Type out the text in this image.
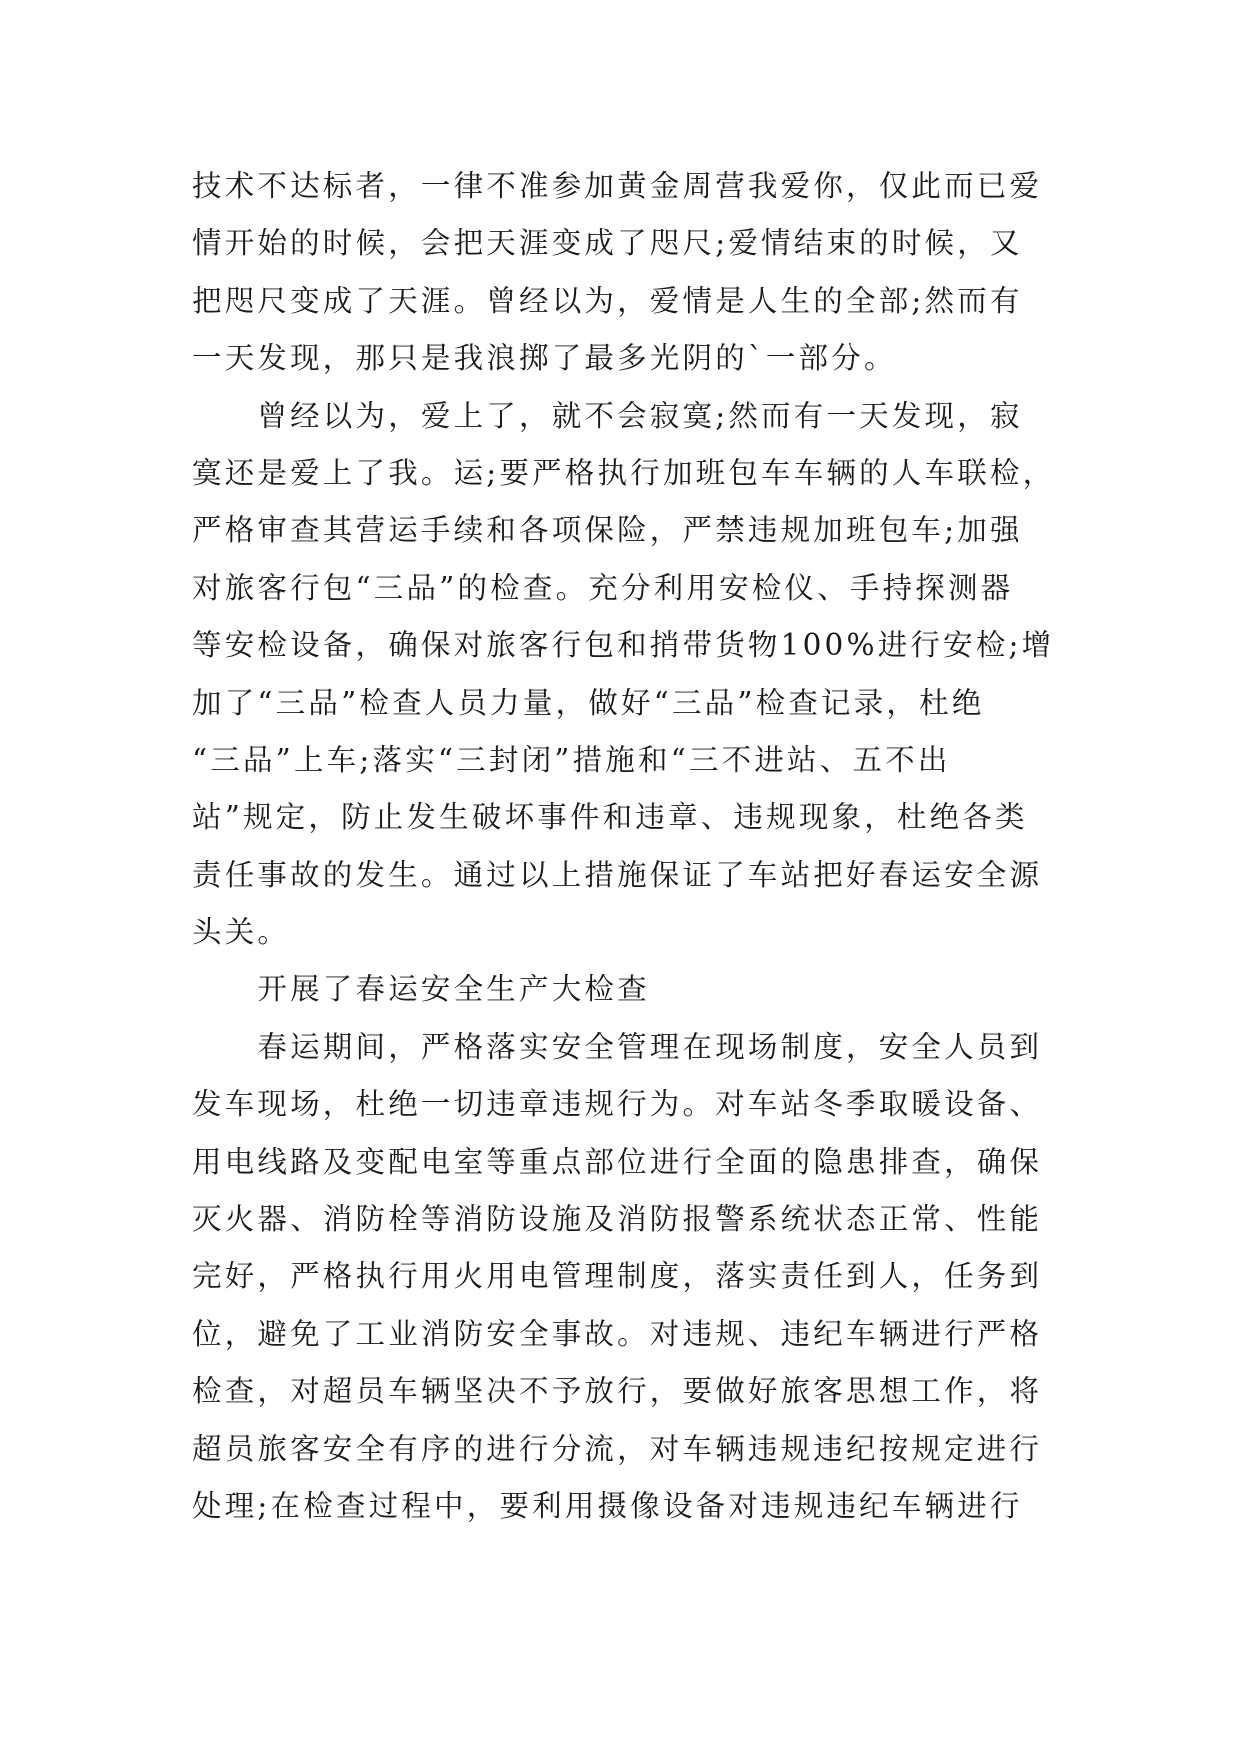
技术不达标者，一律不准参加黄金周营我爱你，仅此而已爱
情开始的时候，会把天涯变成了咫尺;爱情结束的时候，又
把咫尺变成了天涯。曾经以为，爱情是人生的全部;然而有
一天发现，那只是我浪掷了最多光阴的`一部分。
　　曾经以为，爱上了，就不会寂寞;然而有一天发现，寂
寞还是爱上了我。运;要严格执行加班包车车辆的人车联检，
严格审查其营运手续和各项保险，严禁违规加班包车;加强
对旅客行包“三品”的检查。充分利用安检仪、手持探测器
等安检设备，确保对旅客行包和捎带货物100%进行安检;增
加了“三品”检查人员力量，做好“三品”检查记录，杜绝
“三品”上车;落实“三封闭”措施和“三不进站、五不出
站”规定，防止发生破坏事件和违章、违规现象，杜绝各类
责任事故的发生。通过以上措施保证了车站把好春运安全源
头关。
　　开展了春运安全生产大检查
　　春运期间，严格落实安全管理在现场制度，安全人员到
发车现场，杜绝一切违章违规行为。对车站冬季取暖设备、
用电线路及变配电室等重点部位进行全面的隐患排查，确保
灭火器、消防栓等消防设施及消防报警系统状态正常、性能
完好，严格执行用火用电管理制度，落实责任到人，任务到
位，避免了工业消防安全事故。对违规、违纪车辆进行严格
检查，对超员车辆坚决不予放行，要做好旅客思想工作，将
超员旅客安全有序的进行分流，对车辆违规违纪按规定进行
处理;在检查过程中，要利用摄像设备对违规违纪车辆进行
